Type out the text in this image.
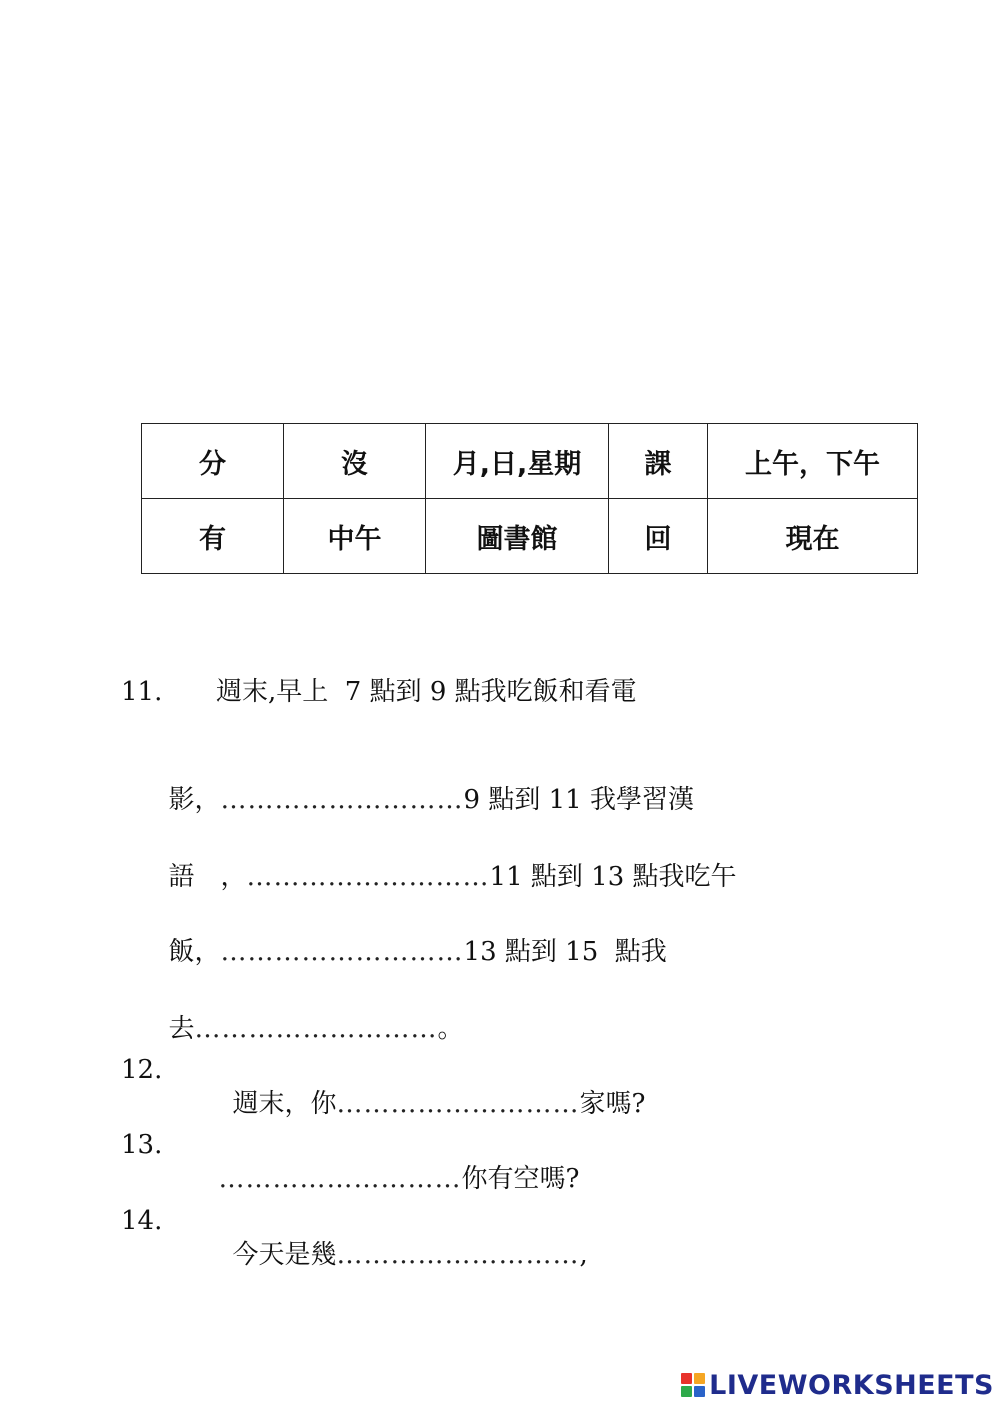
分	沒	月,日,星期	課	上午，下午
有	中午	圖書館	回	現在
11. 週末,早上  7 點到 9 點我吃飯和看電

影，………………………9 點到 11 我學習漢

語　，………………………11 點到 13 點我吃午

飯，………………………13 點到 15  點我

去………………………。

12.

週末，你………………………家嗎?

13.

………………………你有空嗎?

14.

今天是幾………………………,

LIVEWORKSHEETS
